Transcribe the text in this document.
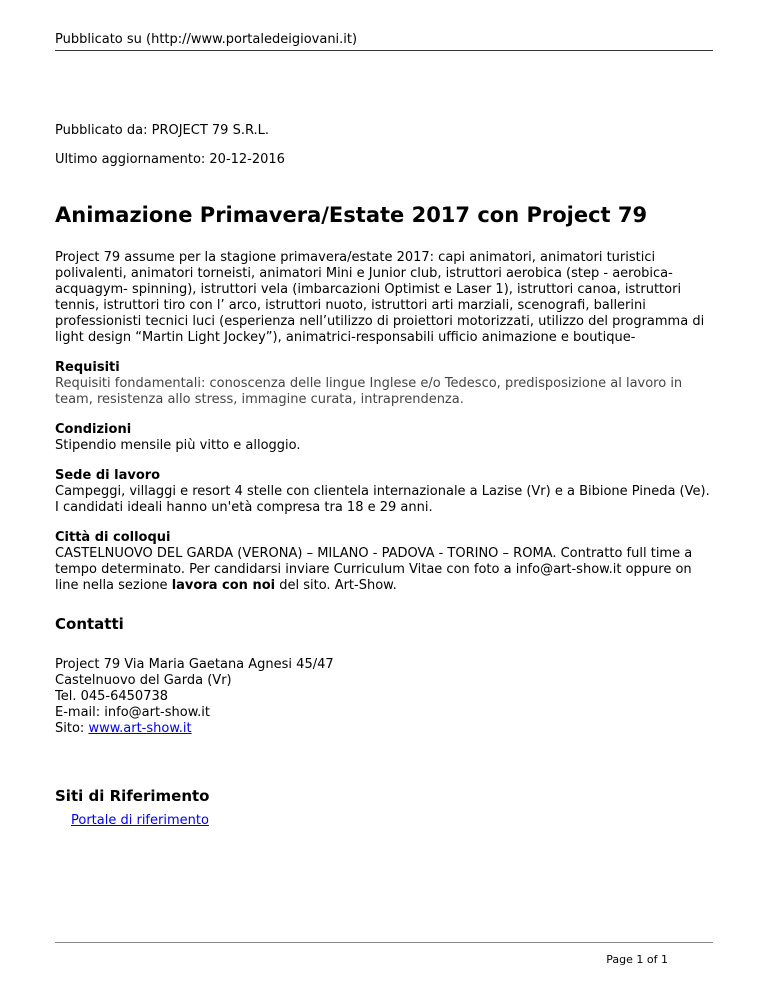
Pubblicato su (http://www.portaledeigiovani.it)
Pubblicato da: PROJECT 79 S.R.L.
Ultimo aggiornamento: 20-12-2016
Animazione Primavera/Estate 2017 con Project 79

Project 79 assume per la stagione primavera/estate 2017: capi animatori, animatori turistici polivalenti, animatori torneisti, animatori Mini e Junior club, istruttori aerobica (step - aerobica-acquagym- spinning), istruttori vela (imbarcazioni Optimist e Laser 1), istruttori canoa, istruttori tennis, istruttori tiro con l’ arco, istruttori nuoto, istruttori arti marziali, scenografi, ballerini professionisti tecnici luci (esperienza nell’utilizzo di proiettori motorizzati, utilizzo del programma di light design “Martin Light Jockey”), animatrici-responsabili ufficio animazione e boutique-

Requisiti
Requisiti fondamentali: conoscenza delle lingue Inglese e/o Tedesco, predisposizione al lavoro in team, resistenza allo stress, immagine curata, intraprendenza.
Condizioni
Stipendio mensile più vitto e alloggio.
Sede di lavoro
Campeggi, villaggi e resort 4 stelle con clientela internazionale a Lazise (Vr) e a Bibione Pineda (Ve). I candidati ideali hanno un'età compresa tra 18 e 29 anni.
Città di colloqui
CASTELNUOVO DEL GARDA (VERONA) – MILANO - PADOVA - TORINO – ROMA. Contratto full time a tempo determinato. Per candidarsi inviare Curriculum Vitae con foto a info@art-show.it oppure on line nella sezione lavora con noi del sito. Art-Show.
Contatti
Project 79 Via Maria Gaetana Agnesi 45/47
Castelnuovo del Garda (Vr)
Tel. 045-6450738
E-mail: info@art-show.it
Sito: www.art-show.it
Siti di Riferimento
Portale di riferimento
Page 1 of 1
